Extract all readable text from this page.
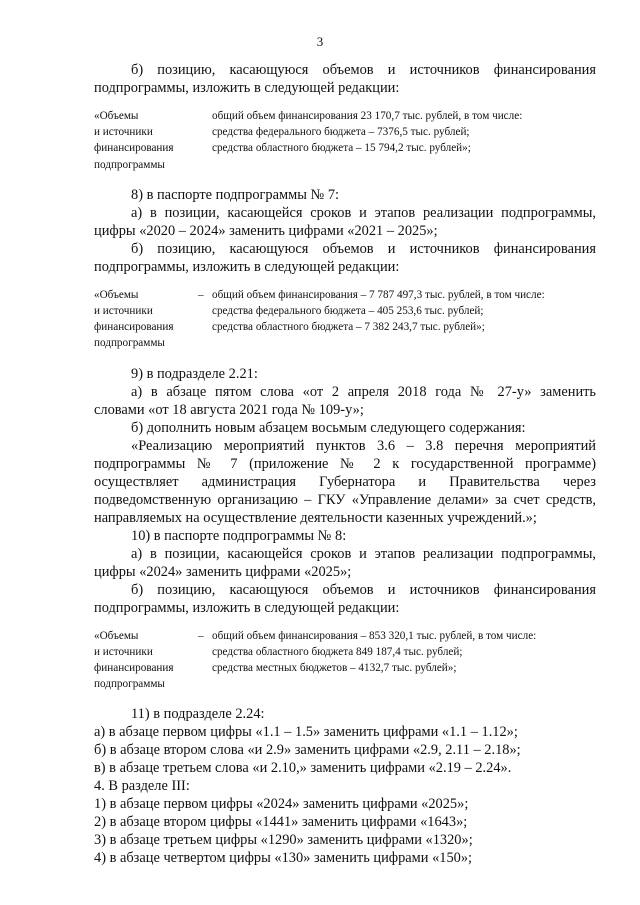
3

б) позицию, касающуюся объемов и источников финансирования

подпрограммы, изложить в следующей редакции:

«Объемы

и источники

финансирования

подпрограммы

общий объем финансирования 23 170,7 тыс. рублей, в том числе:

средства федерального бюджета – 7376,5 тыс. рублей;

средства областного бюджета – 15 794,2 тыс. рублей»;

8) в паспорте подпрограммы № 7:

а) в позиции, касающейся сроков и этапов реализации подпрограммы,

цифры «2020 – 2024» заменить цифрами «2021 – 2025»;

б) позицию, касающуюся объемов и источников финансирования

подпрограммы, изложить в следующей редакции:

«Объемы

и источники

финансирования

подпрограммы

– общий объем финансирования – 7 787 497,3 тыс. рублей, в том числе:

средства федерального бюджета – 405 253,6 тыс. рублей;

средства областного бюджета – 7 382 243,7 тыс. рублей»;

9) в подразделе 2.21:

а) в абзаце пятом слова «от 2 апреля 2018 года № 27-у» заменить

словами «от 18 августа 2021 года № 109-у»;

б) дополнить новым абзацем восьмым следующего содержания:

«Реализацию мероприятий пунктов 3.6 – 3.8 перечня мероприятий

подпрограммы № 7 (приложение № 2 к государственной программе)

осуществляет администрация Губернатора и Правительства через

подведомственную организацию – ГКУ «Управление делами» за счет средств,

направляемых на осуществление деятельности казенных учреждений.»;

10) в паспорте подпрограммы № 8:

а) в позиции, касающейся сроков и этапов реализации подпрограммы,

цифры «2024» заменить цифрами «2025»;

б) позицию, касающуюся объемов и источников финансирования

подпрограммы, изложить в следующей редакции:

«Объемы

и источники

финансирования

подпрограммы

– общий объем финансирования – 853 320,1 тыс. рублей, в том числе:

средства областного бюджета 849 187,4 тыс. рублей;

средства местных бюджетов – 4132,7 тыс. рублей»;

11) в подразделе 2.24:

а) в абзаце первом цифры «1.1 – 1.5» заменить цифрами «1.1 – 1.12»;

б) в абзаце втором слова «и 2.9» заменить цифрами «2.9, 2.11 – 2.18»;

в) в абзаце третьем слова «и 2.10,» заменить цифрами «2.19 – 2.24».

4. В разделе III:

1) в абзаце первом цифры «2024» заменить цифрами «2025»;

2) в абзаце втором цифры «1441» заменить цифрами «1643»;

3) в абзаце третьем цифры «1290» заменить цифрами «1320»;

4) в абзаце четвертом цифры «130» заменить цифрами «150»;
